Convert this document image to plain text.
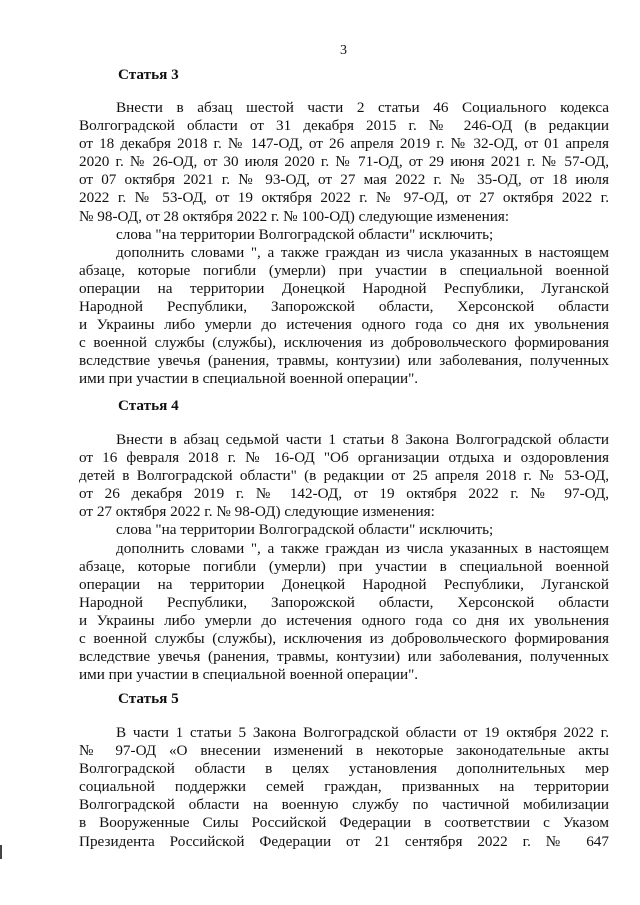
3
Статья 3
Внести в абзац шестой части 2 статьи 46 Социального кодекса
Волгоградской области от 31 декабря 2015 г. № 246-ОД (в редакции
от 18 декабря 2018 г. № 147-ОД, от 26 апреля 2019 г. № 32-ОД, от 01 апреля
2020 г. № 26-ОД, от 30 июля 2020 г. № 71-ОД, от 29 июня 2021 г. № 57-ОД,
от 07 октября 2021 г. № 93-ОД, от 27 мая 2022 г. № 35-ОД, от 18 июля
2022 г. № 53-ОД, от 19 октября 2022 г. № 97-ОД, от 27 октября 2022 г.
№ 98-ОД, от 28 октября 2022 г. № 100-ОД) следующие изменения:
слова "на территории Волгоградской области" исключить;
дополнить словами ", а также граждан из числа указанных в настоящем
абзаце, которые погибли (умерли) при участии в специальной военной
операции на территории Донецкой Народной Республики, Луганской
Народной Республики, Запорожской области, Херсонской области
и Украины либо умерли до истечения одного года со дня их увольнения
с военной службы (службы), исключения из добровольческого формирования
вследствие увечья (ранения, травмы, контузии) или заболевания, полученных
ими при участии в специальной военной операции".
Статья 4
Внести в абзац седьмой части 1 статьи 8 Закона Волгоградской области
от 16 февраля 2018 г. № 16-ОД "Об организации отдыха и оздоровления
детей в Волгоградской области" (в редакции от 25 апреля 2018 г. № 53-ОД,
от 26 декабря 2019 г. № 142-ОД, от 19 октября 2022 г. № 97-ОД,
от 27 октября 2022 г. № 98-ОД) следующие изменения:
слова "на территории Волгоградской области" исключить;
дополнить словами ", а также граждан из числа указанных в настоящем
абзаце, которые погибли (умерли) при участии в специальной военной
операции на территории Донецкой Народной Республики, Луганской
Народной Республики, Запорожской области, Херсонской области
и Украины либо умерли до истечения одного года со дня их увольнения
с военной службы (службы), исключения из добровольческого формирования
вследствие увечья (ранения, травмы, контузии) или заболевания, полученных
ими при участии в специальной военной операции".
Статья 5
В части 1 статьи 5 Закона Волгоградской области от 19 октября 2022 г.
№ 97-ОД «О внесении изменений в некоторые законодательные акты
Волгоградской области в целях установления дополнительных мер
социальной поддержки семей граждан, призванных на территории
Волгоградской области на военную службу по частичной мобилизации
в Вооруженные Силы Российской Федерации в соответствии с Указом
Президента Российской Федерации от 21 сентября 2022 г. № 647
